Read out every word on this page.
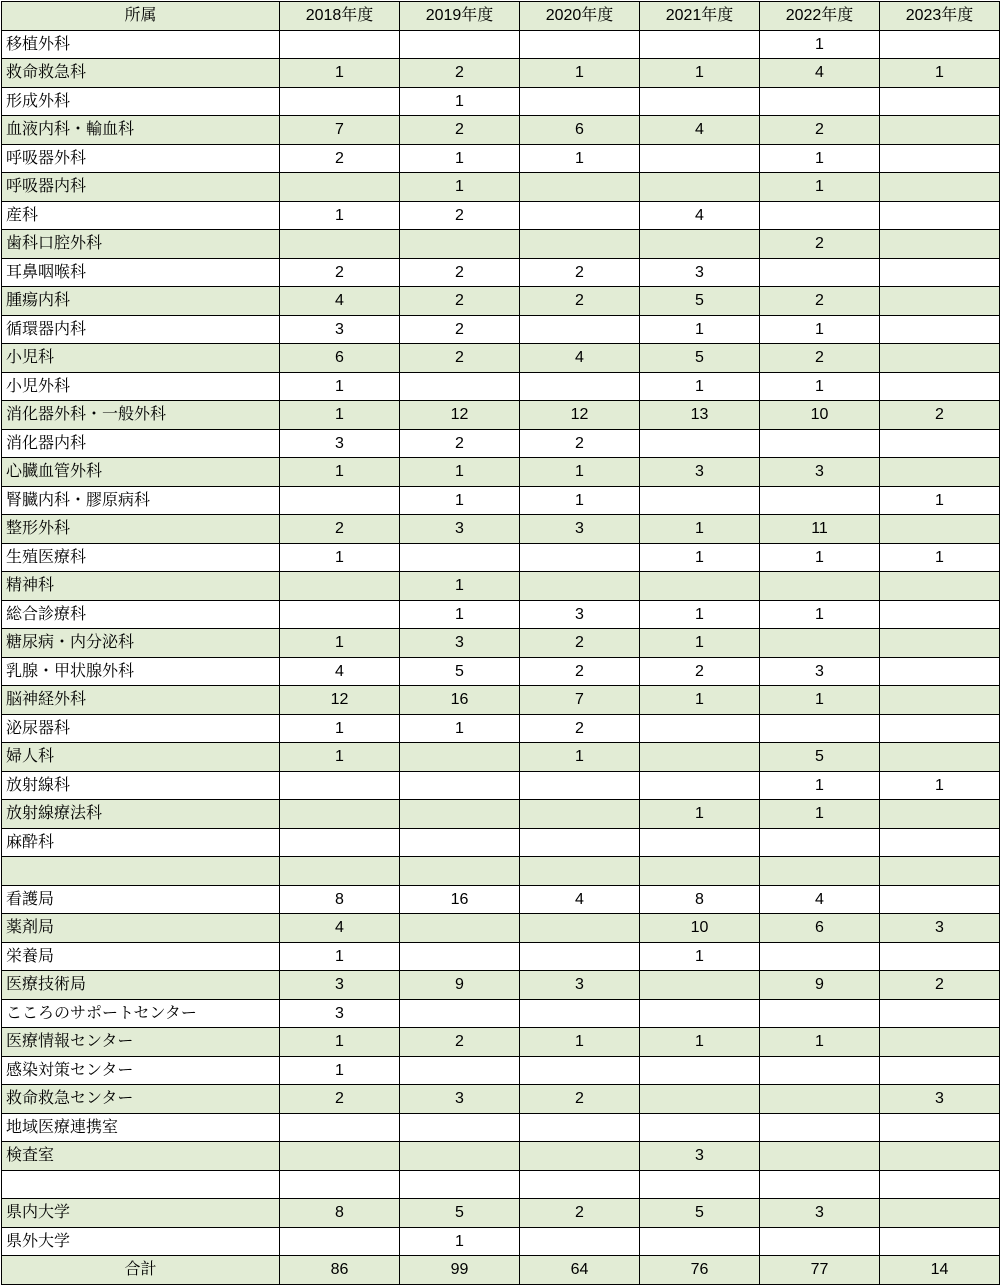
所属	2018年度	2019年度	2020年度	2021年度	2022年度	2023年度
移植外科					1	
救命救急科	1	2	1	1	4	1
形成外科		1				
血液内科・輸血科	7	2	6	4	2	
呼吸器外科	2	1	1		1	
呼吸器内科		1			1	
産科	1	2		4		
歯科口腔外科					2	
耳鼻咽喉科	2	2	2	3		
腫瘍内科	4	2	2	5	2	
循環器内科	3	2		1	1	
小児科	6	2	4	5	2	
小児外科	1			1	1	
消化器外科・一般外科	1	12	12	13	10	2
消化器内科	3	2	2			
心臓血管外科	1	1	1	3	3	
腎臓内科・膠原病科		1	1			1
整形外科	2	3	3	1	11	
生殖医療科	1			1	1	1
精神科		1				
総合診療科		1	3	1	1	
糖尿病・内分泌科	1	3	2	1		
乳腺・甲状腺外科	4	5	2	2	3	
脳神経外科	12	16	7	1	1	
泌尿器科	1	1	2			
婦人科	1		1		5	
放射線科					1	1
放射線療法科				1	1	
麻酔科						

看護局	8	16	4	8	4	
薬剤局	4			10	6	3
栄養局	1			1		
医療技術局	3	9	3		9	2
こころのサポートセンター	3					
医療情報センター	1	2	1	1	1	
感染対策センター	1					
救命救急センター	2	3	2			3
地域医療連携室						
検査室				3		

県内大学	8	5	2	5	3	
県外大学		1				
合計	86	99	64	76	77	14
